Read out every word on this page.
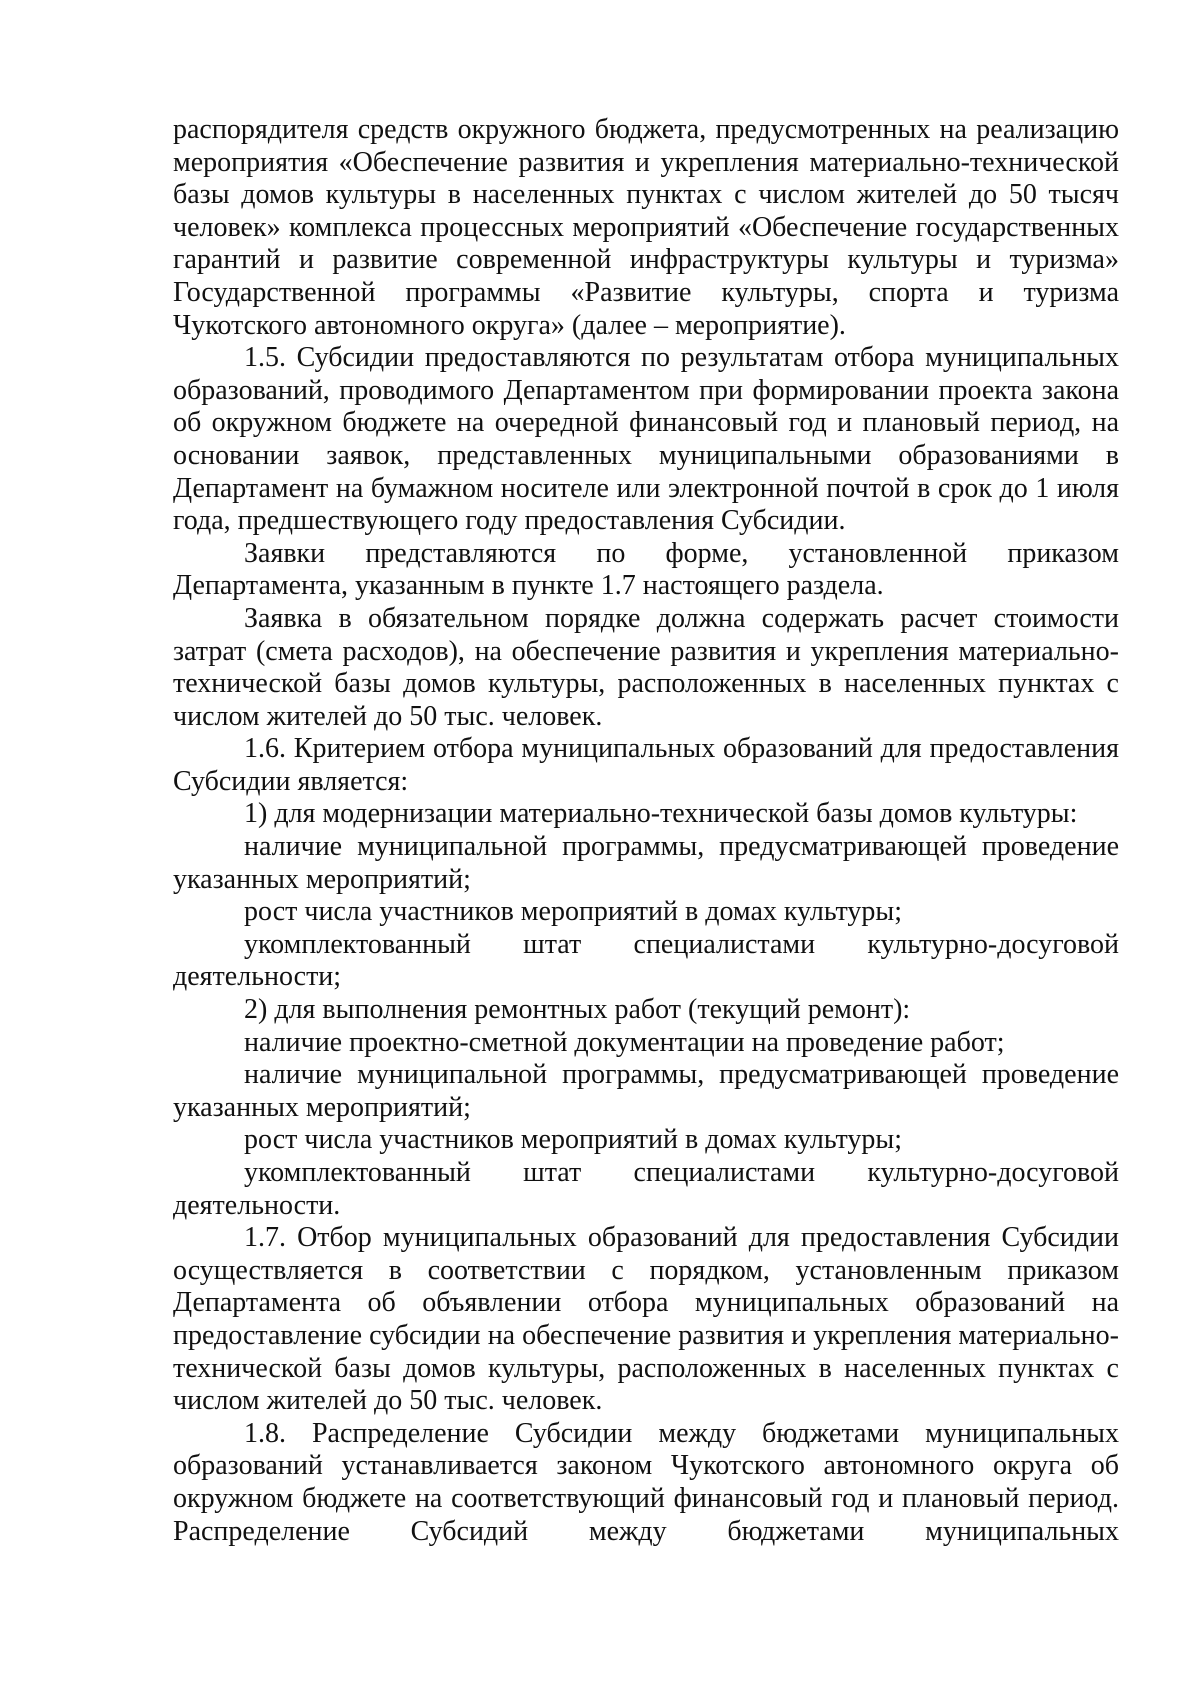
распорядителя средств окружного бюджета, предусмотренных на реализацию мероприятия «Обеспечение развития и укрепления материально-технической базы домов культуры в населенных пунктах с числом жителей до 50 тысяч человек» комплекса процессных мероприятий «Обеспечение государственных гарантий и развитие современной инфраструктуры культуры и туризма» Государственной программы «Развитие культуры, спорта и туризма Чукотского автономного округа» (далее – мероприятие).

1.5. Субсидии предоставляются по результатам отбора муниципальных образований, проводимого Департаментом при формировании проекта закона об окружном бюджете на очередной финансовый год и плановый период, на основании заявок, представленных муниципальными образованиями в Департамент на бумажном носителе или электронной почтой в срок до 1 июля года, предшествующего году предоставления Субсидии.

Заявки представляются по форме, установленной приказом Департамента, указанным в пункте 1.7 настоящего раздела.

Заявка в обязательном порядке должна содержать расчет стоимости затрат (смета расходов), на обеспечение развития и укрепления материально-технической базы домов культуры, расположенных в населенных пунктах с числом жителей до 50 тыс. человек.

1.6. Критерием отбора муниципальных образований для предоставления Субсидии является:

1) для модернизации материально-технической базы домов культуры:

наличие муниципальной программы, предусматривающей проведение указанных мероприятий;

рост числа участников мероприятий в домах культуры;

укомплектованный штат специалистами культурно-досуговой деятельности;

2) для выполнения ремонтных работ (текущий ремонт):

наличие проектно-сметной документации на проведение работ;

наличие муниципальной программы, предусматривающей проведение указанных мероприятий;

рост числа участников мероприятий в домах культуры;

укомплектованный штат специалистами культурно-досуговой деятельности.

1.7. Отбор муниципальных образований для предоставления Субсидии осуществляется в соответствии с порядком, установленным приказом Департамента об объявлении отбора муниципальных образований на предоставление субсидии на обеспечение развития и укрепления материально-технической базы домов культуры, расположенных в населенных пунктах с числом жителей до 50 тыс. человек.

1.8. Распределение Субсидии между бюджетами муниципальных образований устанавливается законом Чукотского автономного округа об окружном бюджете на соответствующий финансовый год и плановый период. Распределение Субсидий между бюджетами муниципальных
